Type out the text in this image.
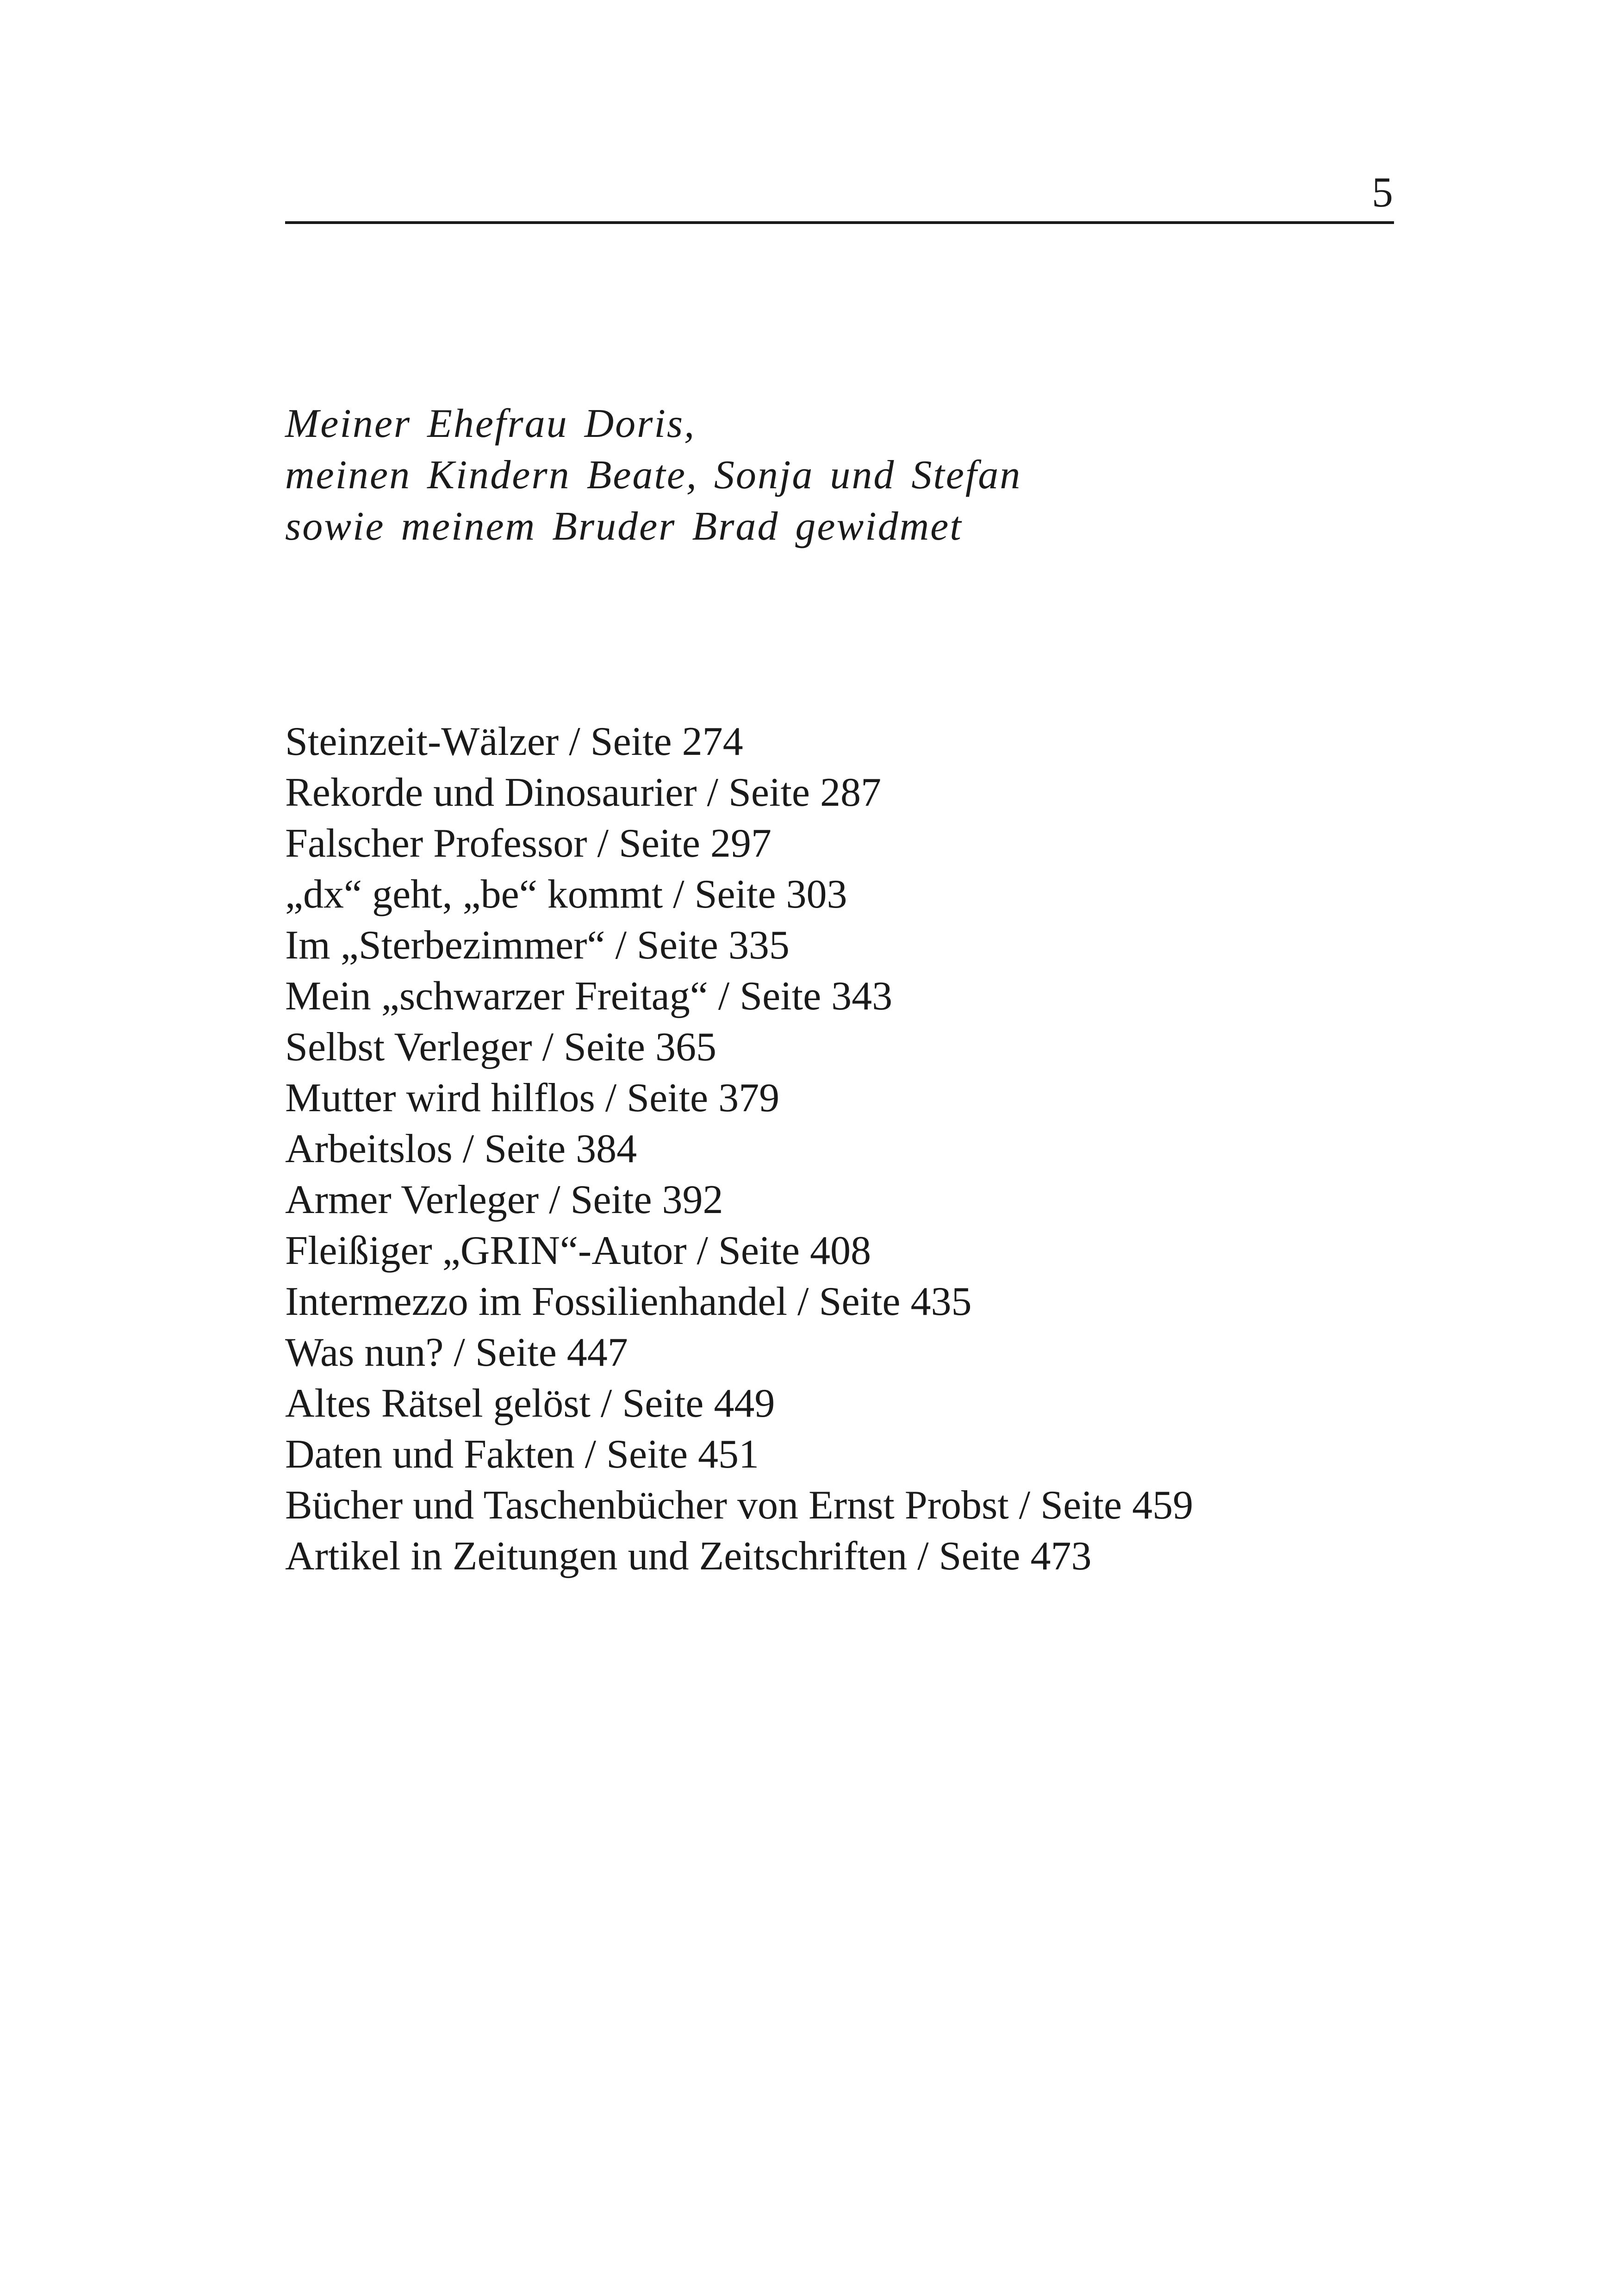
5
Meiner Ehefrau Doris,
meinen Kindern Beate, Sonja und Stefan
sowie meinem Bruder Brad gewidmet
Steinzeit-Wälzer / Seite 274
Rekorde und Dinosaurier / Seite 287
Falscher Professor / Seite 297
„dx“ geht, „be“ kommt / Seite 303
Im „Sterbezimmer“ / Seite 335
Mein „schwarzer Freitag“ / Seite 343
Selbst Verleger / Seite 365
Mutter wird hilflos / Seite 379
Arbeitslos / Seite 384
Armer Verleger / Seite 392
Fleißiger „GRIN“-Autor / Seite 408
Intermezzo im Fossilienhandel / Seite 435
Was nun? / Seite 447
Altes Rätsel gelöst / Seite 449
Daten und Fakten / Seite 451
Bücher und Taschenbücher von Ernst Probst / Seite 459
Artikel in Zeitungen und Zeitschriften / Seite 473
